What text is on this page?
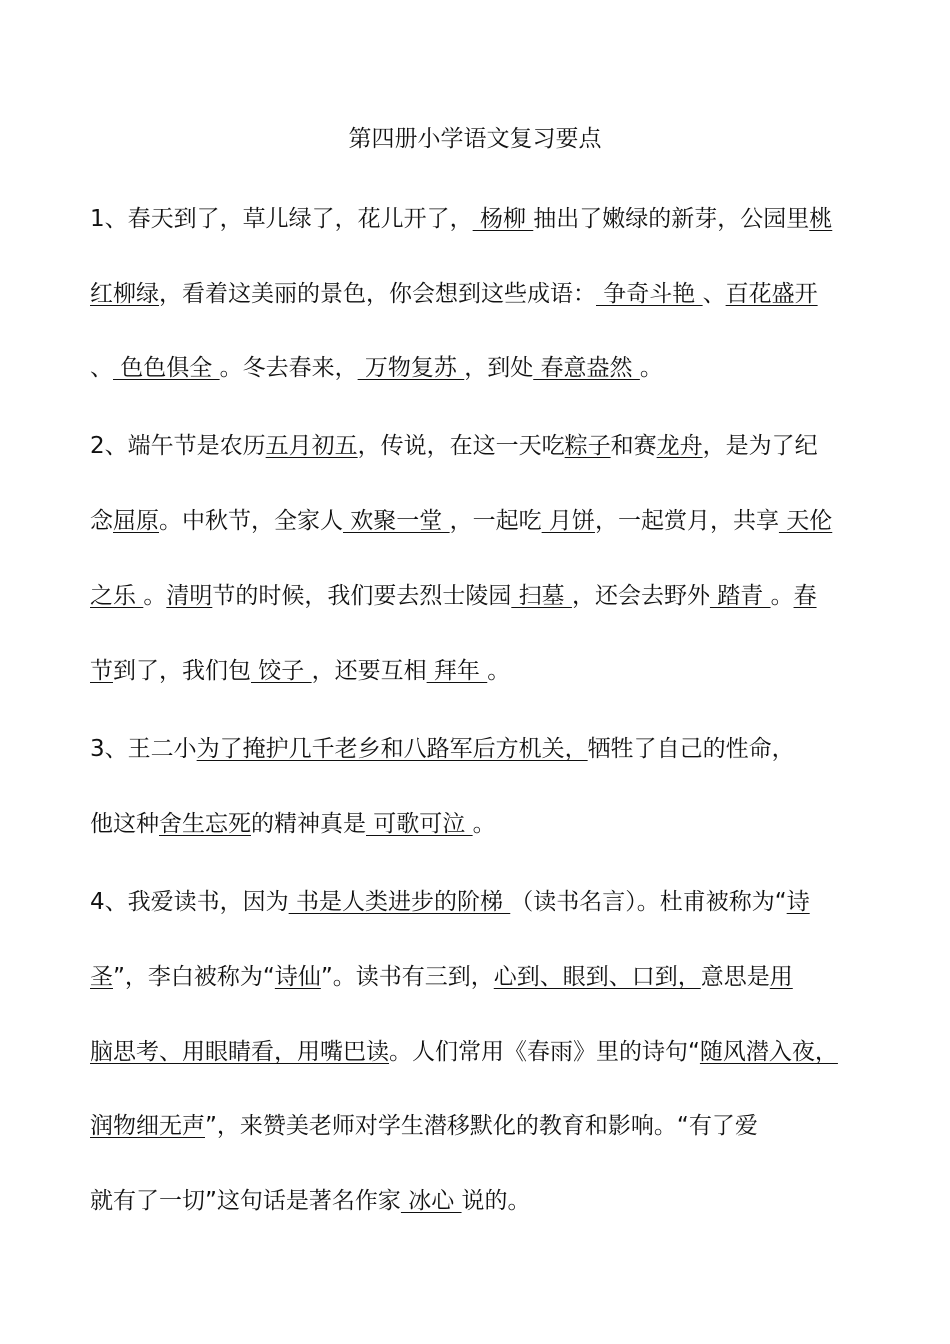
第四册小学语文复习要点
1、春天到了，草儿绿了，花儿开了， 杨柳 抽出了嫩绿的新芽，公园里桃
红柳绿，看着这美丽的景色，你会想到这些成语： 争奇斗艳 、百花盛开
、 色色俱全 。冬去春来， 万物复苏 ，到处 春意盎然 。
2、端午节是农历五月初五，传说，在这一天吃粽子和赛龙舟，是为了纪
念屈原。中秋节，全家人 欢聚一堂 ，一起吃 月饼，一起赏月，共享 天伦
之乐 。清明节的时候，我们要去烈士陵园 扫墓 ，还会去野外 踏青 。春
节到了，我们包 饺子 ，还要互相 拜年 。
3、王二小为了掩护几千老乡和八路军后方机关，牺牲了自己的性命，
他这种舍生忘死的精神真是 可歌可泣 。
4、我爱读书，因为 书是人类进步的阶梯 （读书名言）。杜甫被称为“诗
圣”，李白被称为“诗仙”。读书有三到，心到、眼到、口到，意思是用
脑思考、用眼睛看，用嘴巴读。人们常用《春雨》里的诗句“随风潜入夜，
润物细无声”，来赞美老师对学生潜移默化的教育和影响。“有了爱
就有了一切”这句话是著名作家 冰心 说的。
